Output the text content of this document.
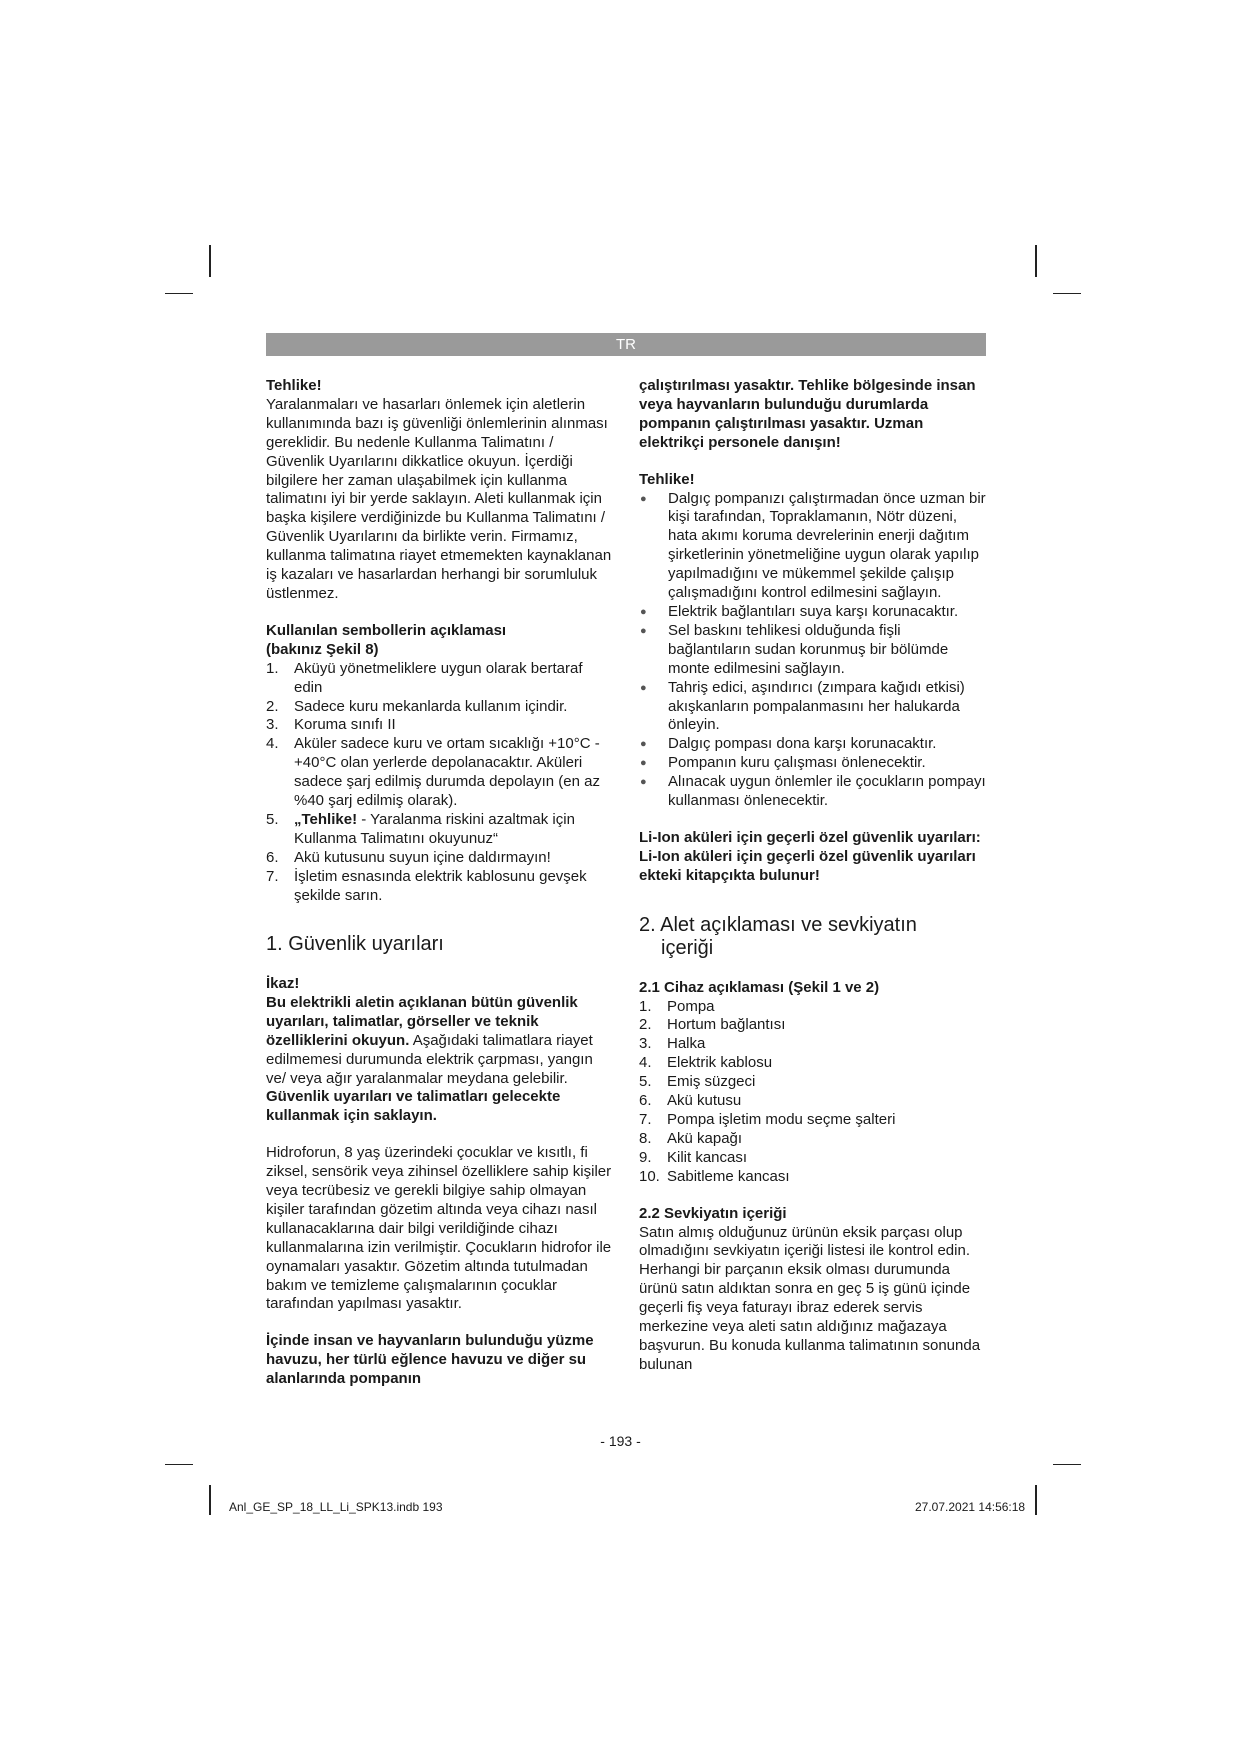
TR

Tehlike!

Yaralanmaları ve hasarları önlemek için aletlerin kullanımında bazı iş güvenliği önlemlerinin alınması gereklidir. Bu nedenle Kullanma Talimatını / Güvenlik Uyarılarını dikkatlice okuyun. İçerdiği bilgilere her zaman ulaşabilmek için kullanma talimatını iyi bir yerde saklayın. Aleti kullanmak için başka kişilere verdiğinizde bu Kullanma Talimatını / Güvenlik Uyarılarını da birlikte verin. Firmamız, kullanma talimatına riayet etmemekten kaynaklanan iş kazaları ve hasarlardan herhangi bir sorumluluk üstlenmez.

Kullanılan sembollerin açıklaması

(bakınız Şekil 8)

1.	Aküyü yönetmeliklere uygun olarak bertaraf edin
2.	Sadece kuru mekanlarda kullanım içindir.
3.	Koruma sınıfı II
4.	Aküler sadece kuru ve ortam sıcaklığı +10°C - +40°C olan yerlerde depolanacaktır. Aküleri sadece şarj edilmiş durumda depolayın (en az %40 şarj edilmiş olarak).
5.	„Tehlike! - Yaralanma riskini azaltmak için Kullanma Talimatını okuyunuz“
6.	Akü kutusunu suyun içine daldırmayın!
7.	İşletim esnasında elektrik kablosunu gevşek şekilde sarın.
1. Güvenlik uyarıları

İkaz!

Bu elektrikli aletin açıklanan bütün güvenlik uyarıları, talimatlar, görseller ve teknik özelliklerini okuyun. Aşağıdaki talimatlara riayet edilmemesi durumunda elektrik çarpması, yangın ve/ veya ağır yaralanmalar meydana gelebilir.

Güvenlik uyarıları ve talimatları gelecekte kullanmak için saklayın.

Hidroforun, 8 yaş üzerindeki çocuklar ve kısıtlı, fi ziksel, sensörik veya zihinsel özelliklere sahip kişiler veya tecrübesiz ve gerekli bilgiye sahip olmayan kişiler tarafından gözetim altında veya cihazı nasıl kullanacaklarına dair bilgi verildiğinde cihazı kullanmalarına izin verilmiştir. Çocukların hidrofor ile oynamaları yasaktır. Gözetim altında tutulmadan bakım ve temizleme çalışmalarının çocuklar tarafından yapılması yasaktır.

İçinde insan ve hayvanların bulunduğu yüzme havuzu, her türlü eğlence havuzu ve diğer su alanlarında pompanın

çalıştırılması yasaktır. Tehlike bölgesinde insan veya hayvanların bulunduğu durumlarda pompanın çalıştırılması yasaktır. Uzman elektrikçi personele danışın!

Tehlike!

●	Dalgıç pompanızı çalıştırmadan önce uzman bir kişi tarafından, Topraklamanın, Nötr düzeni, hata akımı koruma devrelerinin enerji dağıtım şirketlerinin yönetmeliğine uygun olarak yapılıp yapılmadığını ve mükemmel şekilde çalışıp çalışmadığını kontrol edilmesini sağlayın.
●	Elektrik bağlantıları suya karşı korunacaktır.
●	Sel baskını tehlikesi olduğunda fişli bağlantıların sudan korunmuş bir bölümde monte edilmesini sağlayın.
●	Tahriş edici, aşındırıcı (zımpara kağıdı etkisi) akışkanların pompalanmasını her halukarda önleyin.
●	Dalgıç pompası dona karşı korunacaktır.
●	Pompanın kuru çalışması önlenecektir.
●	Alınacak uygun önlemler ile çocukların pompayı kullanması önlenecektir.

Li-Ion aküleri için geçerli özel güvenlik uyarıları:

Li-Ion aküleri için geçerli özel güvenlik uyarıları ekteki kitapçıkta bulunur!

2. Alet açıklaması ve sevkiyatın
içeriği
2.1 Cihaz açıklaması (Şekil 1 ve 2)
1.	Pompa
2.	Hortum bağlantısı
3.	Halka
4.	Elektrik kablosu
5.	Emiş süzgeci
6.	Akü kutusu
7.	Pompa işletim modu seçme şalteri
8.	Akü kapağı
9.	Kilit kancası
10. Sabitleme kancası
2.2 Sevkiyatın içeriği

Satın almış olduğunuz ürünün eksik parçası olup olmadığını sevkiyatın içeriği listesi ile kontrol edin. Herhangi bir parçanın eksik olması durumunda ürünü satın aldıktan sonra en geç 5 iş günü içinde geçerli fiş veya faturayı ibraz ederek servis merkezine veya aleti satın aldığınız mağazaya başvurun. Bu konuda kullanma talimatının sonunda bulunan

- 193 -
Anl_GE_SP_18_LL_Li_SPK13.indb 193	27.07.2021 14:56:18
